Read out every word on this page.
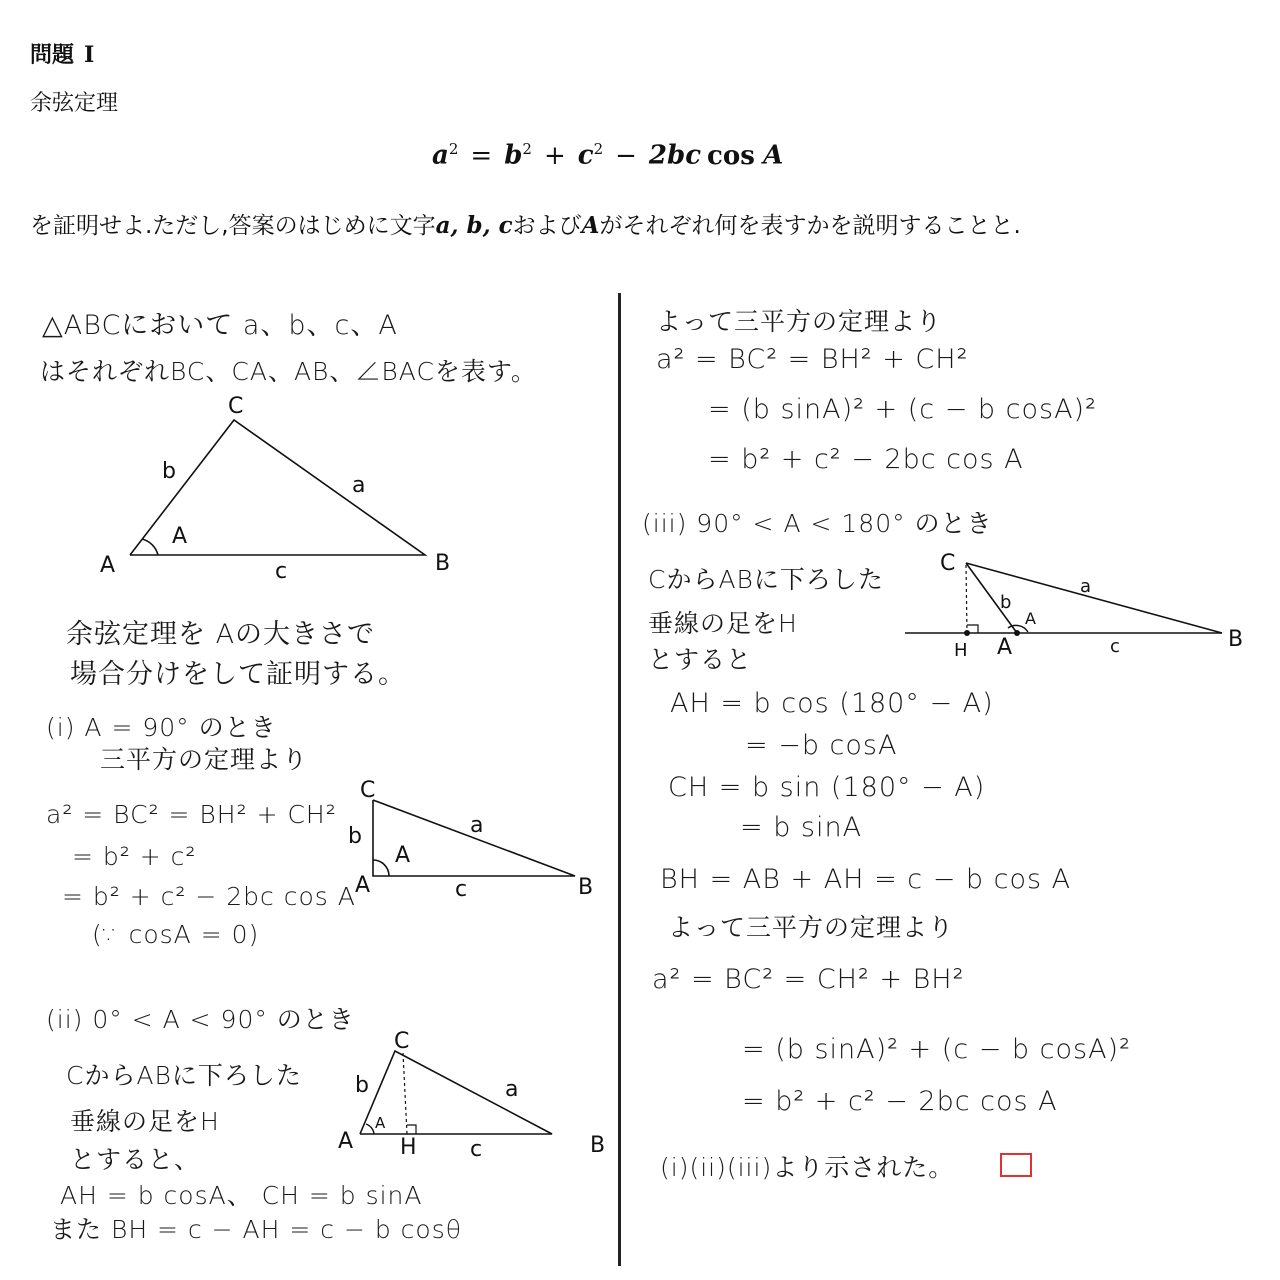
問題 I
余弦定理
$a^2 = b^2 + c^2 - 2bc$ cos A
を証明せよ.ただし,答案のはじめに文字a, b, cおよびAがそれぞれ何を表すかを説明することと.
△ABCにおいて a、b、c、A
はそれぞれBC、CA、AB、∠BACを表す。
C
A	B
b
a
c
A
余弦定理を Aの大きさで
場合分けをして証明する。
(i) A = 90° のとき
三平方の定理より
a² = BC² = BH² + CH²
= b² + c²
= b² + c² − 2bc cos A
(∵ cosA = 0)
C
A	B
b	a
c
A
(ii) 0° < A < 90° のとき
CからABに下ろした
垂線の足をH
とすると、
AH = b cosA、 CH = b sinA
また BH = c − AH = c − b cosθ
C
A	B
H
b	a
c
A
よって三平方の定理より
a² = BC² = BH² + CH²
= (b sinA)² + (c − b cosA)²
= b² + c² − 2bc cos A
(iii) 90° < A < 180° のとき
CからABに下ろした
垂線の足をH
とすると
C
A	B
H
b
a
c
A
AH = b cos (180° − A)
= −b cosA
CH = b sin (180° − A)
= b sinA
BH = AB + AH = c − b cos A
よって三平方の定理より
a² = BC² = CH² + BH²
= (b sinA)² + (c − b cosA)²
= b² + c² − 2bc cos A
(i)(ii)(iii)より示された。
